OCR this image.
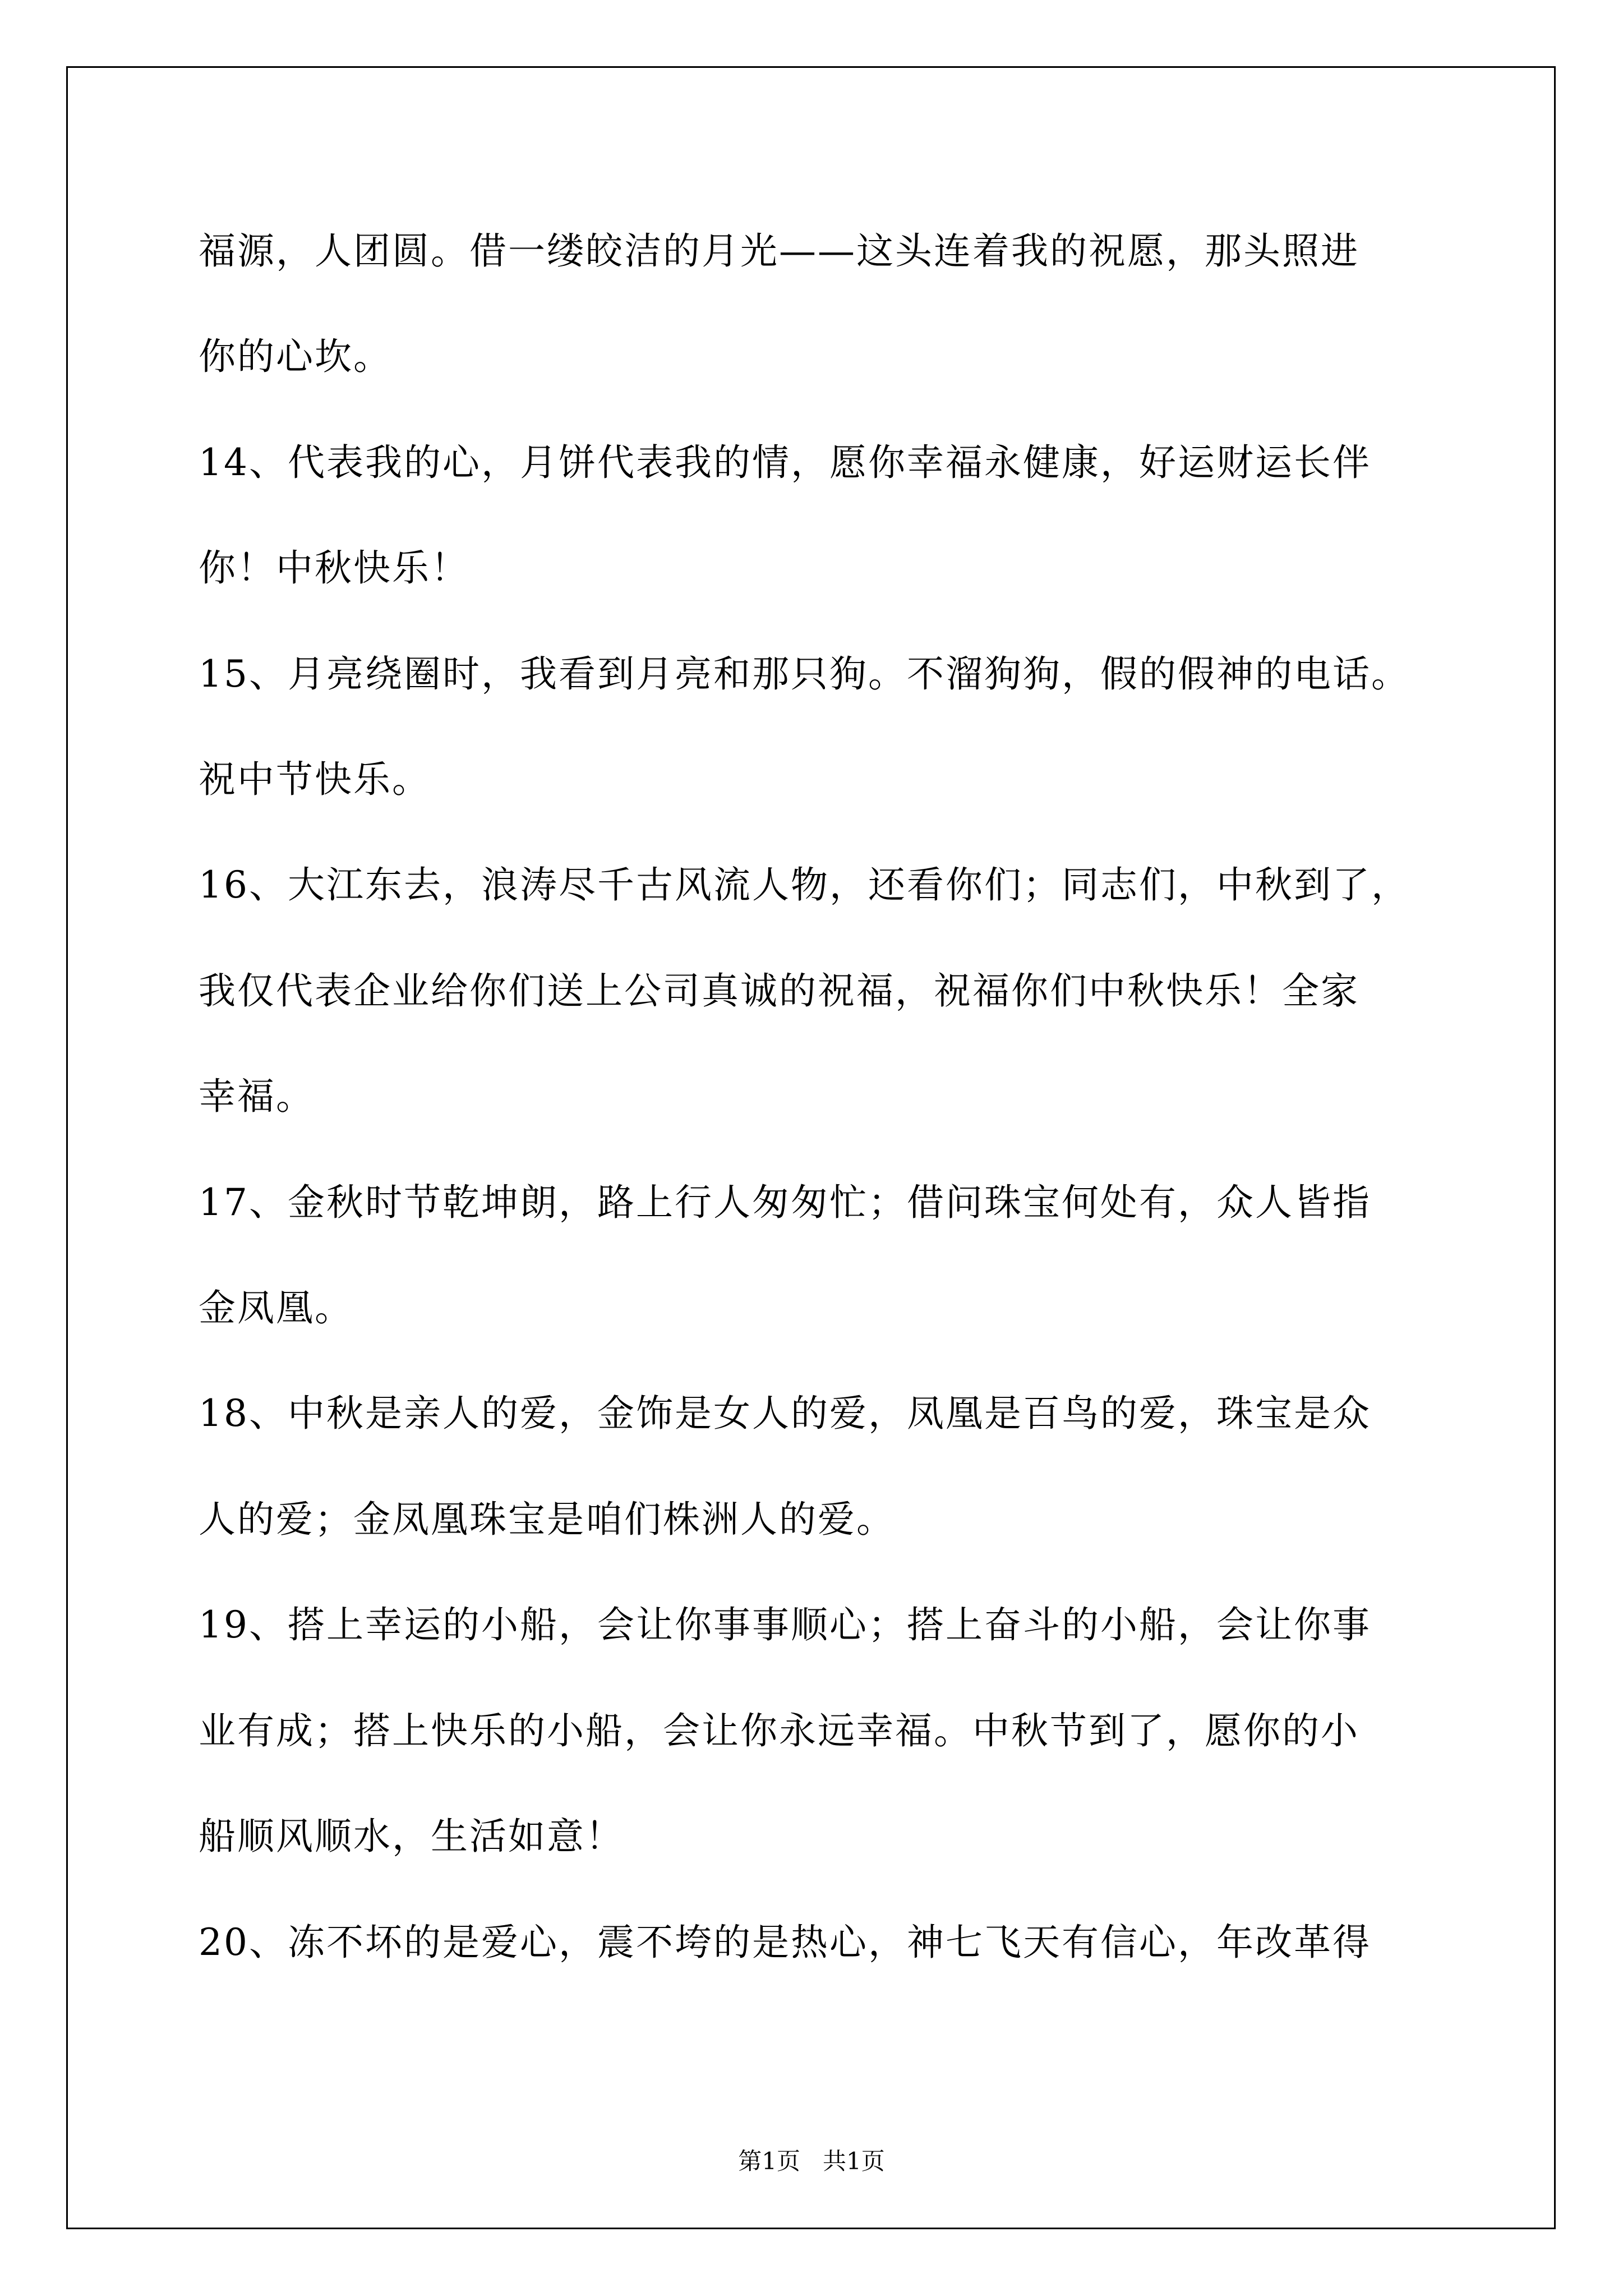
福源，人团圆。借一缕皎洁的月光——这头连着我的祝愿，那头照进
你的心坎。
14、代表我的心，月饼代表我的情，愿你幸福永健康，好运财运长伴
你！中秋快乐！
15、月亮绕圈时，我看到月亮和那只狗。不溜狗狗，假的假神的电话。
祝中节快乐。
16、大江东去，浪涛尽千古风流人物，还看你们；同志们，中秋到了，
我仅代表企业给你们送上公司真诚的祝福，祝福你们中秋快乐！全家
幸福。
17、金秋时节乾坤朗，路上行人匆匆忙；借问珠宝何处有，众人皆指
金凤凰。
18、中秋是亲人的爱，金饰是女人的爱，凤凰是百鸟的爱，珠宝是众
人的爱；金凤凰珠宝是咱们株洲人的爱。
19、搭上幸运的小船，会让你事事顺心；搭上奋斗的小船，会让你事
业有成；搭上快乐的小船，会让你永远幸福。中秋节到了，愿你的小
船顺风顺水，生活如意！
20、冻不坏的是爱心，震不垮的是热心，神七飞天有信心，年改革得
第1页   共1页
